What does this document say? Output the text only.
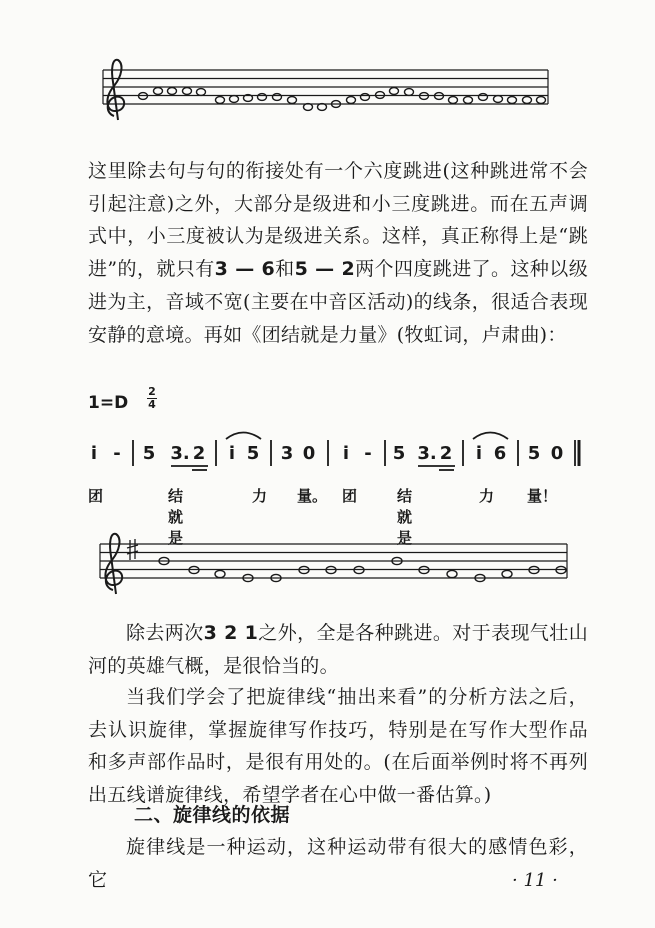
这里除去句与句的衔接处有一个六度跳进(这种跳进常不会引起注意)之外，大部分是级进和小三度跳进。而在五声调式中，小三度被认为是级进关系。这样，真正称得上是“跳进”的，就只有3 — 6和5 — 2两个四度跳进了。这种以级进为主，音域不宽(主要在中音区活动)的线条，很适合表现安静的意境。再如《团结就是力量》(牧虹词，卢肃曲)：

1=D
2
4
i - 5 3. 2 i 5 3 0 i - 5 3. 2 i 6 5 0
团	结就是
力 量。 团	结就是
力 量！

除去两次3 2 1之外，全是各种跳进。对于表现气壮山河的英雄气概，是很恰当的。

当我们学会了把旋律线“抽出来看”的分析方法之后，去认识旋律，掌握旋律写作技巧，特别是在写作大型作品和多声部作品时，是很有用处的。(在后面举例时将不再列出五线谱旋律线，希望学者在心中做一番估算。)

二、旋律线的依据

旋律线是一种运动，这种运动带有很大的感情色彩，它	· 11 ·
